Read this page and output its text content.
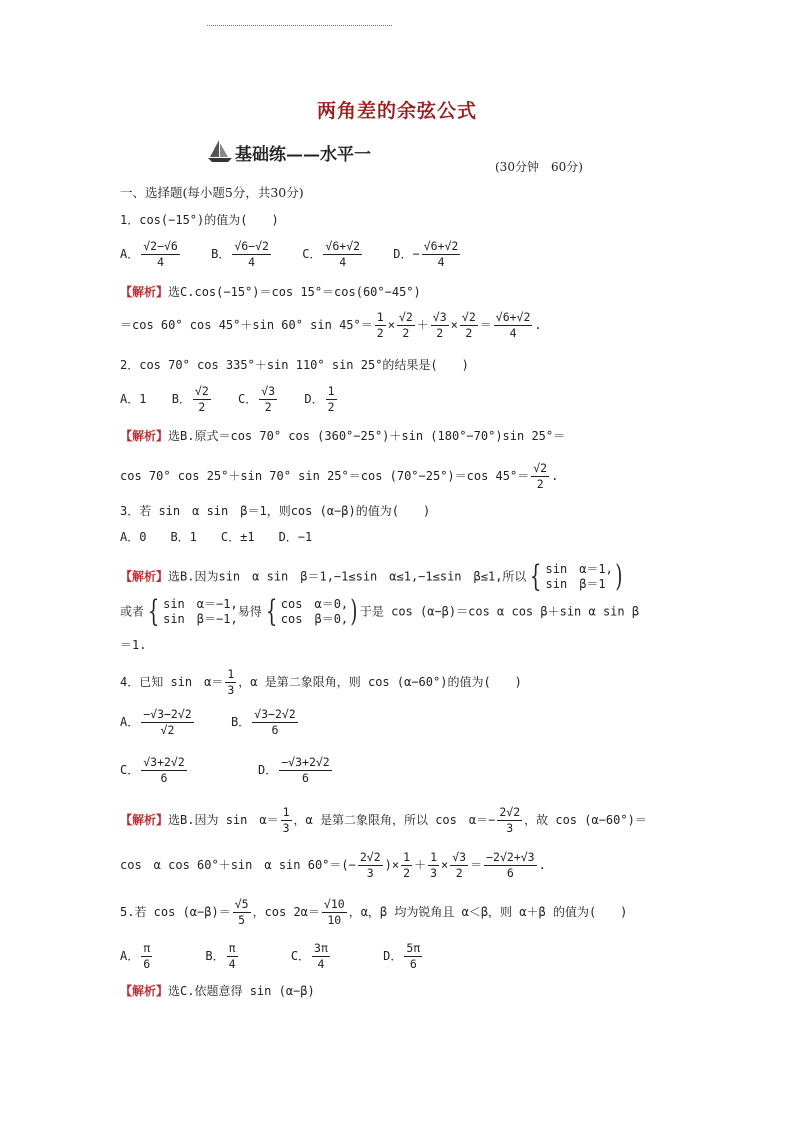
两角差的余弦公式
基础练——水平一
(30分钟　60分)
一、选择题(每小题5分，共30分)
1．cos(−15°)的值为(　　)
A． $\frac{√2-√6}{4}$	B． $\frac{√6-√2}{4}$	C． $\frac{√6+√2}{4}$	D．− $\frac{√6+√2}{4}$
【解析】选C.cos(−15°)＝cos 15°＝cos(60°−45°)
＝cos 60° cos 45°＋sin 60° $\sin 45^\circ= \frac{1}{2} \times \frac{√2}{2} + \frac{√3}{2} \times \frac{√2}{2} = \frac{√6+√2}{4}$ .
2．cos 70° cos 335°＋sin 110° sin 25°的结果是(　　)
A．1 B． $\frac{√2}{2}$ C． $\frac{√3}{2}$ D． $\frac{1}{2}$
【解析】选B.原式＝cos 70° cos (360°−25°)＋sin (180°−70°)sin 25°＝
cos 70° cos 25°＋sin 70° sin 25°＝cos (70°−25°)＝cos $45^\circ= \frac{√2}{2}$ .
3．若 sin　α sin　β＝1，则cos (α−β)的值为(　　)
A．0　　B．1　　C．±1　　D．−1
【解析】选B.因为sin　α sin　β＝1,−1≤sin　α≤1,−1≤sin　β≤1,所以 { sin　α＝1,
sin　β＝1 )
或者 { sin　α＝−1,
sin　β＝−1,
易得 { cos　α＝0,
cos　β＝0, ) 于是 cos (α−β)＝cos α cos β＋sin α sin β
＝1.
4．已知 sin　$\alpha= \frac{1}{3}$ ，α 是第二象限角，则 cos (α−60°)的值为(　　)
A． $\frac{-√3-2√2}{√2}$	B． $\frac{√3-2√2}{6}$
C． $\frac{√3+2√2}{6}$	D． $\frac{-√3+2√2}{6}$
【解析】选B.因为 sin　$\alpha= \frac{1}{3}$ ，α 是第二象限角，所以 cos　$\alpha=- \frac{2√2}{3}$ ，故 cos (α−60°)＝
cos　α cos 60°＋sin　α $\sin 60^\circ=(- \frac{2√2}{3}$ )× $\frac{1}{2} + \frac{1}{3} \times \frac{√3}{2} = \frac{-2√2+√3}{6}$ .
5.若 $\cos (\alpha-\beta)= \frac{√5}{5}$ ，$\cos 2\alpha= \frac{√10}{10}$ ，α，β 均为锐角且 α＜β，则 α＋β 的值为(　　)
A． $\frac{\pi}{6}$	B． $\frac{\pi}{4}$	C． $\frac{3\pi}{4}$	D． $\frac{5\pi}{6}$
【解析】选C.依题意得 sin (α−β)
